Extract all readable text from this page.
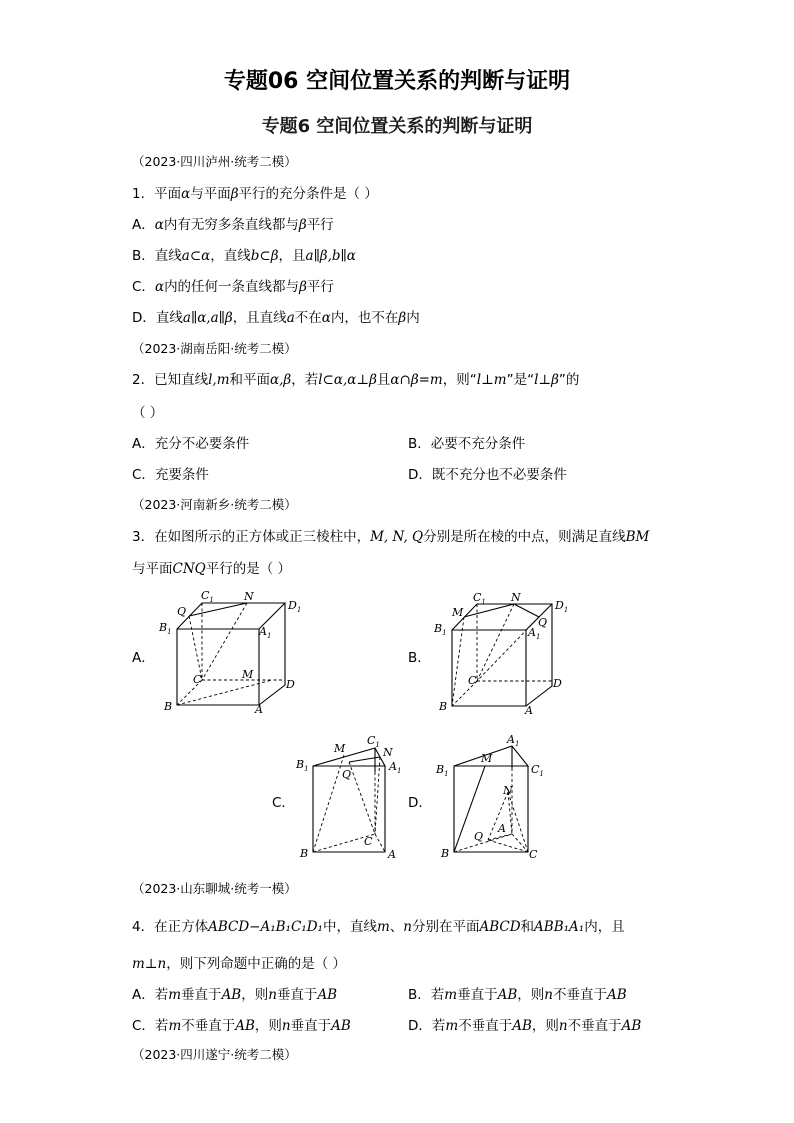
专题06 空间位置关系的判断与证明
专题6 空间位置关系的判断与证明
（2023·四川泸州·统考二模）
1．平面α与平面β平行的充分条件是（ ）
A．α内有无穷多条直线都与β平行
B．直线a⊂α，直线b⊂β，且a∥β,b∥α
C．α内的任何一条直线都与β平行
D．直线a∥α,a∥β，且直线a不在α内，也不在β内
（2023·湖南岳阳·统考二模）
2．已知直线l,m和平面α,β，若l⊂α,α⊥β且α∩β=m，则“l⊥m”是“l⊥β”的
（ ）
A．充分不必要条件	B．必要不充分条件
C．充要条件	D．既不充分也不必要条件
（2023·河南新乡·统考二模）
3．在如图所示的正方体或正三棱柱中，M, N, Q分别是所在棱的中点，则满足直线BM
与平面CNQ平行的是（ ）
A．	B．
C．	D．
$B_1$
$C_1$	$D_1$
$A_1$
Q
N
M
C	D
B	A
M
$C_1$ N
$D_1$
$B_1$
Q
$A_1$
C	D
B	A
M
$C_1$
N
$B_1$	Q
$A_1$
C
B	A
$A_1$
$B_1$
M
$C_1$
N
A
Q
B	C
（2023·山东聊城·统考一模）
4．在正方体ABCD−A₁B₁C₁D₁中，直线m、n分别在平面ABCD和ABB₁A₁内，且
m⊥n，则下列命题中正确的是（ ）
A．若m垂直于AB，则n垂直于AB	B．若m垂直于AB，则n不垂直于AB
C．若m不垂直于AB，则n垂直于AB	D．若m不垂直于AB，则n不垂直于AB
（2023·四川遂宁·统考二模）
